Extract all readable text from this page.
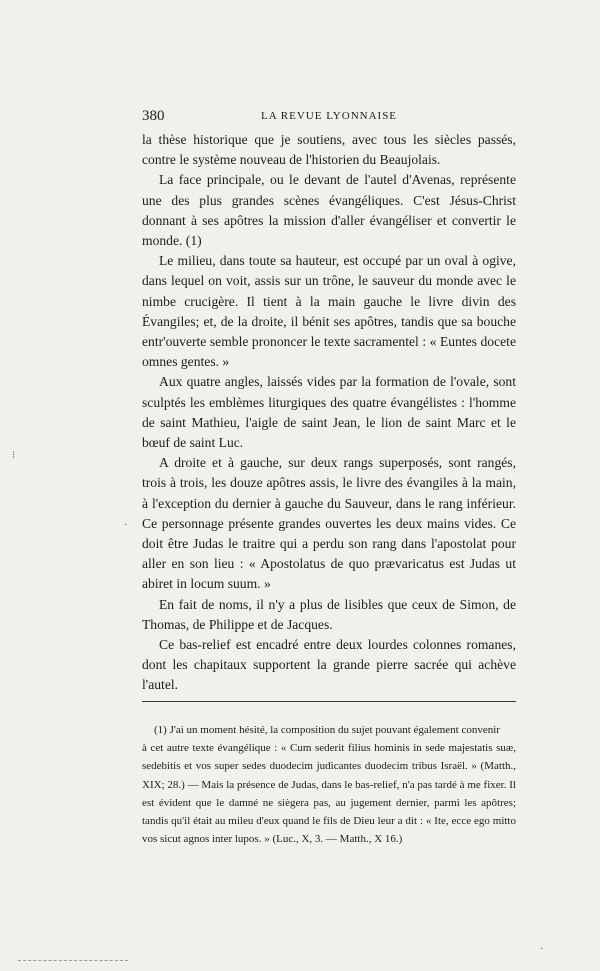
380	LA REVUE LYONNAISE

la thèse historique que je soutiens, avec tous les siècles passés, contre le système nouveau de l'historien du Beaujolais.

La face principale, ou le devant de l'autel d'Avenas, représente une des plus grandes scènes évangéliques. C'est Jésus-Christ donnant à ses apôtres la mission d'aller évangéliser et convertir le monde. (1)

Le milieu, dans toute sa hauteur, est occupé par un oval à ogive, dans lequel on voit, assis sur un trône, le sauveur du monde avec le nimbe crucigère. Il tient à la main gauche le livre divin des Évangiles; et, de la droite, il bénit ses apôtres, tandis que sa bouche entr'ouverte semble prononcer le texte sacramentel : « Euntes docete omnes gentes. »

Aux quatre angles, laissés vides par la formation de l'ovale, sont sculptés les emblèmes liturgiques des quatre évangélistes : l'homme de saint Mathieu, l'aigle de saint Jean, le lion de saint Marc et le bœuf de saint Luc.

A droite et à gauche, sur deux rangs superposés, sont rangés, trois à trois, les douze apôtres assis, le livre des évangiles à la main, à l'exception du dernier à gauche du Sauveur, dans le rang inférieur. Ce personnage présente grandes ouvertes les deux mains vides. Ce doit être Judas le traitre qui a perdu son rang dans l'apostolat pour aller en son lieu : « Apostolatus de quo prævaricatus est Judas ut abiret in locum suum. »

En fait de noms, il n'y a plus de lisibles que ceux de Simon, de Thomas, de Philippe et de Jacques.

Ce bas-relief est encadré entre deux lourdes colonnes romanes, dont les chapitaux supportent la grande pierre sacrée qui achève l'autel.

(1) J'ai un moment hésité, la composition du sujet pouvant également convenir
à cet autre texte évangélique : « Cum sederit filius hominis in sede majestatis suæ, sedebitis et vos super sedes duodecim judicantes duodecim tribus Israël. » (Matth., XIX; 28.) — Mais la présence de Judas, dans le bas-relief, n'a pas tardé à me fixer. Il est évident que le damné ne siègera pas, au jugement dernier, parmi les apôtres; tandis qu'il était au mileu d'eux quand le fils de Dieu leur a dit : « Ite, ecce ego mitto vos sicut agnos inter lupos. » (Luc., X, 3. — Matth., X 16.)
⁝
·
·
